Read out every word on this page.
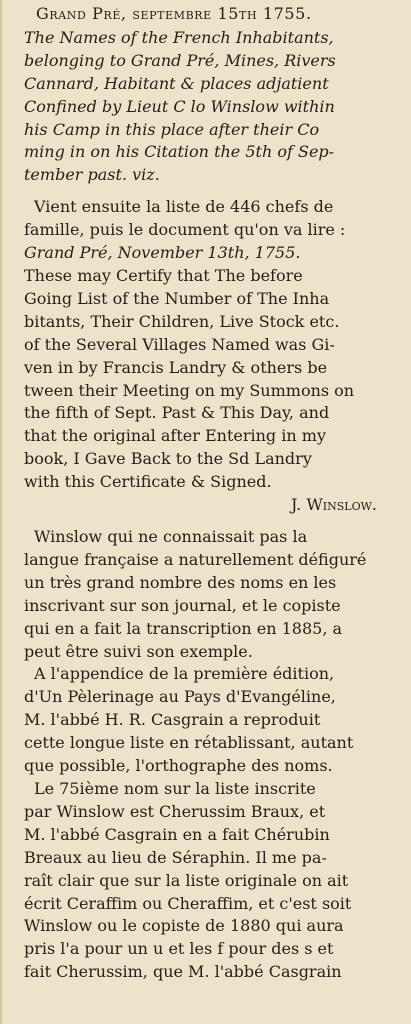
Grand Pré, septembre 15th 1755.

The Names of the French Inhabitants,
belonging to Grand Pré, Mines, Rivers
Cannard, Habitant & places adjatient
Confined by Lieut C lo Winslow within
his Camp in this place after their Co
ming in on his Citation the 5th of Sep-
tember past. viz.

Vient ensuite la liste de 446 chefs de
famille, puis le document qu'on va lire :

Grand Pré, November 13th, 1755.
These may Certify that The before
Going List of the Number of The Inha
bitants, Their Children, Live Stock etc.
of the Several Villages Named was Gi-
ven in by Francis Landry & others be
tween their Meeting on my Summons on
the fifth of Sept. Past & This Day, and
that the original after Entering in my
book, I Gave Back to the Sd Landry
with this Certificate & Signed.

J. Winslow.

Winslow qui ne connaissait pas la
langue française a naturellement défiguré
un très grand nombre des noms en les
inscrivant sur son journal, et le copiste
qui en a fait la transcription en 1885, a
peut être suivi son exemple.

A l'appendice de la première édition,
d'Un Pèlerinage au Pays d'Evangéline,
M. l'abbé H. R. Casgrain a reproduit
cette longue liste en rétablissant, autant
que possible, l'orthographe des noms.

Le 75ième nom sur la liste inscrite
par Winslow est Cherussim Braux, et
M. l'abbé Casgrain en a fait Chérubin
Breaux au lieu de Séraphin. Il me pa-
raît clair que sur la liste originale on ait
écrit Ceraffim ou Cheraffim, et c'est soit
Winslow ou le copiste de 1880 qui aura
pris l'a pour un u et les f pour des s et
fait Cherussim, que M. l'abbé Casgrain
